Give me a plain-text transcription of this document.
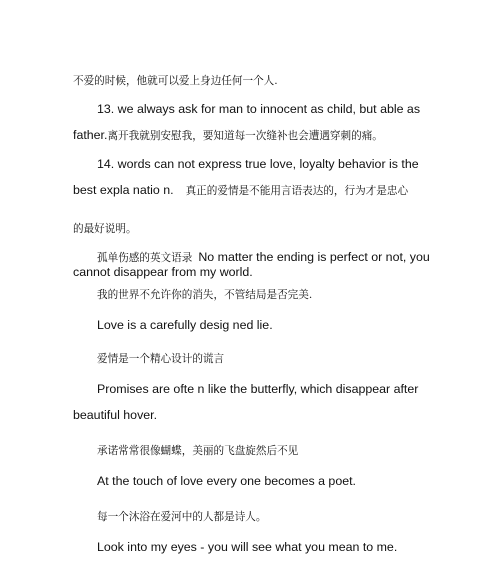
不爱的时候，他就可以爱上身边任何一个人.
13. we always ask for man to innocent as child, but able as
father.离开我就别安慰我，要知道每一次缝补也会遭遇穿刺的痛。
14. words can not express true love, loyalty behavior is the
best expla natio n. 真正的爱情是不能用言语表达的，行为才是忠心
的最好说明。
孤单伤感的英文语录 No matter the ending is perfect or not, you
cannot disappear from my world.
我的世界不允许你的消失，不管结局是否完美.
Love is a carefully desig ned lie.
爱情是一个精心设计的谎言
Promises are ofte n like the butterfly, which disappear after
beautiful hover.
承诺常常很像蝴蝶，美丽的飞盘旋然后不见
At the touch of love every one becomes a poet.
每一个沐浴在爱河中的人都是诗人。
Look into my eyes - you will see what you mean to me.
